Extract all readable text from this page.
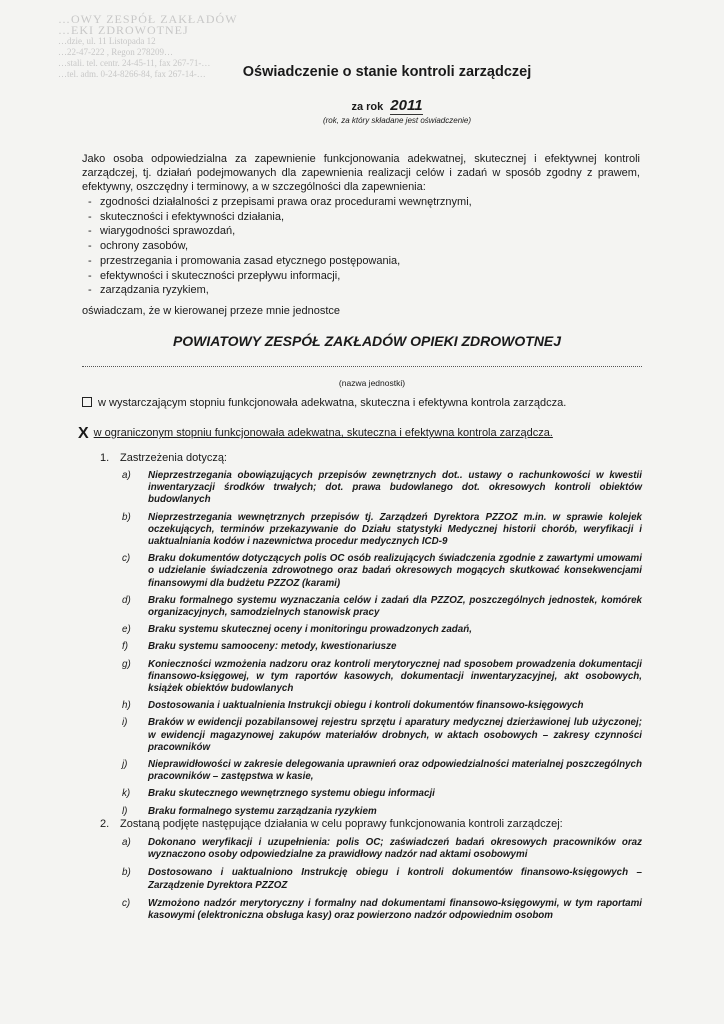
…OWY ZESPÓŁ ZAKŁADÓW
…EKI ZDROWOTNEJ
…dzie, ul. 11 Listopada 12
…22-47-222 , Regon 278209…
…stali. tel. centr. 24-45-11, fax 267-71-…
…tel. adm. 0-24-8266-84, fax 267-14-…	Oświadczenie o stanie kontroli zarządczej
za rok 2011
(rok, za który składane jest oświadczenie)
Jako osoba odpowiedzialna za zapewnienie funkcjonowania adekwatnej, skutecznej i efektywnej kontroli zarządczej, tj. działań podejmowanych dla zapewnienia realizacji celów i zadań w sposób zgodny z prawem, efektywny, oszczędny i terminowy, a w szczególności dla zapewnienia:
- zgodności działalności z przepisami prawa oraz procedurami wewnętrznymi,
- skuteczności i efektywności działania,
- wiarygodności sprawozdań,
- ochrony zasobów,
- przestrzegania i promowania zasad etycznego postępowania,
- efektywności i skuteczności przepływu informacji,
- zarządzania ryzykiem,
oświadczam, że w kierowanej przeze mnie jednostce
POWIATOWY ZESPÓŁ ZAKŁADÓW OPIEKI ZDROWOTNEJ
(nazwa jednostki)
w wystarczającym stopniu funkcjonowała adekwatna, skuteczna i efektywna kontrola zarządcza.
X w ograniczonym stopniu funkcjonowała adekwatna, skuteczna i efektywna kontrola zarządcza.
1. Zastrzeżenia dotyczą:
a) Nieprzestrzegania obowiązujących przepisów zewnętrznych dot.. ustawy o rachunkowości w kwestii inwentaryzacji środków trwałych; dot. prawa budowlanego dot. okresowych kontroli obiektów budowlanych
b) Nieprzestrzegania wewnętrznych przepisów tj. Zarządzeń Dyrektora PZZOZ m.in. w sprawie kolejek oczekujących, terminów przekazywanie do Działu statystyki Medycznej historii chorób, weryfikacji i uaktualniania kodów i nazewnictwa procedur medycznych ICD-9
c) Braku dokumentów dotyczących polis OC osób realizujących świadczenia zgodnie z zawartymi umowami o udzielanie świadczenia zdrowotnego oraz badań okresowych mogących skutkować konsekwencjami finansowymi dla budżetu PZZOZ (karami)
d) Braku formalnego systemu wyznaczania celów i zadań dla PZZOZ, poszczególnych jednostek, komórek organizacyjnych, samodzielnych stanowisk pracy
e) Braku systemu skutecznej oceny i monitoringu prowadzonych zadań,
f) Braku systemu samooceny: metody, kwestionariusze
g) Konieczności wzmożenia nadzoru oraz kontroli merytorycznej nad sposobem prowadzenia dokumentacji finansowo-księgowej, w tym raportów kasowych, dokumentacji inwentaryzacyjnej, akt osobowych, książek obiektów budowlanych
h) Dostosowania i uaktualnienia Instrukcji obiegu i kontroli dokumentów finansowo-księgowych
i) Braków w ewidencji pozabilansowej rejestru sprzętu i aparatury medycznej dzierżawionej lub użyczonej; w ewidencji magazynowej zakupów materiałów drobnych, w aktach osobowych – zakresy czynności pracowników
j) Nieprawidłowości w zakresie delegowania uprawnień oraz odpowiedzialności materialnej poszczególnych pracowników – zastępstwa w kasie,
k) Braku skutecznego wewnętrznego systemu obiegu informacji
l) Braku formalnego systemu zarządzania ryzykiem
2. Zostaną podjęte następujące działania w celu poprawy funkcjonowania kontroli zarządczej:
a) Dokonano weryfikacji i uzupełnienia: polis OC; zaświadczeń badań okresowych pracowników oraz wyznaczono osoby odpowiedzialne za prawidłowy nadzór nad aktami osobowymi
b) Dostosowano i uaktualniono Instrukcję obiegu i kontroli dokumentów finansowo-księgowych – Zarządzenie Dyrektora PZZOZ
c) Wzmożono nadzór merytoryczny i formalny nad dokumentami finansowo-księgowymi, w tym raportami kasowymi (elektroniczna obsługa kasy) oraz powierzono nadzór odpowiednim osobom
